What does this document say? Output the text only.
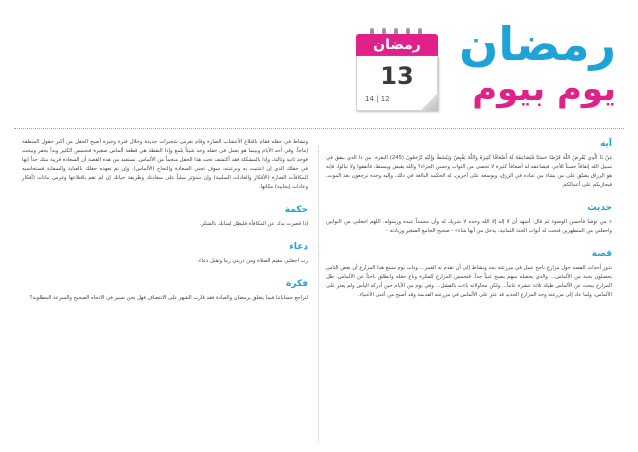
رمضان
يوم بيوم
رمضان
13
14 | 12
آية

مَنْ ذَا الَّذِي يُقْرِضُ اللَّهَ قَرْضًا حَسَنًا فَيُضَاعِفَهُ لَهُ أَضْعَافًا كَثِيرَةً وَاللَّهُ يَقْبِضُ وَيَبْسُطُ وَإِلَيْهِ تُرْجَعُونَ (245) البقرة. من ذا الذي ينفق في سبيل الله إنفاقاً حسناً للأجر، فيضاعفه له أضعافاً كثيرة لا تحصى من الثواب وحسن الجزاء؟ والله يقبض ويبسط، فأنفقوا ولا تبالوا، فإنه هو الرزاق يضيّق على من يشاء من عباده في الرزق، ويوسعه على آخرين، له الحكمة البالغة في ذلك، وإليه وحده ترجعون بعد الموت، فيجازيكم على أعمالكم.

حديث

« من توضأ فأحسن الوضوء ثم قال: أشهد أن لا إله إلا الله وحده لا شريك له وأن محمداً عبده ورسوله. اللهم اجعلني من التوابين واجعلني من المتطهرين فتحت له أبواب الجنة الثمانية، يدخل من أيها شاء» - صحيح الجامع الصغير وزيادته -

قصة

تدور أحداث القصة حول مزارع ناجح عمل في مزرعته بجد ونشاط إلى أن تقدم به العمر... وذات يوم سمع هذا المزارع أن بعض الناس يحصلون بحبة من الألماس... والذي يحصله منهم يصبح غنياً جداً. فتحمس المزارع للفكرة وباع حقله وانطلق باحثاً عن الألماس. ظل المزارع يبحث عن الألماس طيلة ثلاثة عشرة عاماً... ولكن محاولاته باءت بالفشل... وفي يوم من الأيام حين أدركه اليأس ولم يعثر على الألماس، ولما عاد إلى مزرعته وجد المزارع الجديد قد عثر على الألماس في مزرعته القديمة وقد أصبح من أغنى الأغنياء.

وتشاط في حقله فقام باقتلاع الأعشاب الضارة وقام بغرس شجيرات جديدة وخلال فترة وجيزة أصبح الحقل من أكبر حقول المنطقة إنتاجاً. وفي أحد الأيام وبينما هو يعمل في حقله وجد شيئاً يلمع وإذا النقطة هي قطعة ألماس صغيرة فتحمس الكثير وبدأ يحفر ويبحث فوجد ثانية وثالثة، وإذا بالمشكلة فقد أكتشف تحت هذا الحقل منجماً من الألماس. نستفيد من هذه القصة أن السعادة قريبة منك جداً إنها في حقلك الذي إن اعتنيت به وبرعيته، سوف تجني السعادة والنجاح (الألماس). وإن تم تعهده حقلك بالعناية والسقاية فستحاسبه المكافآت الضارة (الأفكار والعادات السلبية) وإن ستؤثر سلباً على سعادتك وطريقة حياتك إن لم تقم باقتلاعها وغرس نباتات (أفكار وعادات إيجابية) مكانها.

حكمة

إذا قصرت يدك عن المكافأة فليطل لسانك بالشكر.

دعاء

رب اجعلني مقيم الصلاة ومن ذريتي ربنا وتقبل دعاء.

فكرة

لنراجع حساباتنا فيما يتعلق برمضان والعبادة فقد قارب الشهر على الانتصاف فهل نحن نسير في الاتجاه الصحيح والسرعة المطلوبة؟
